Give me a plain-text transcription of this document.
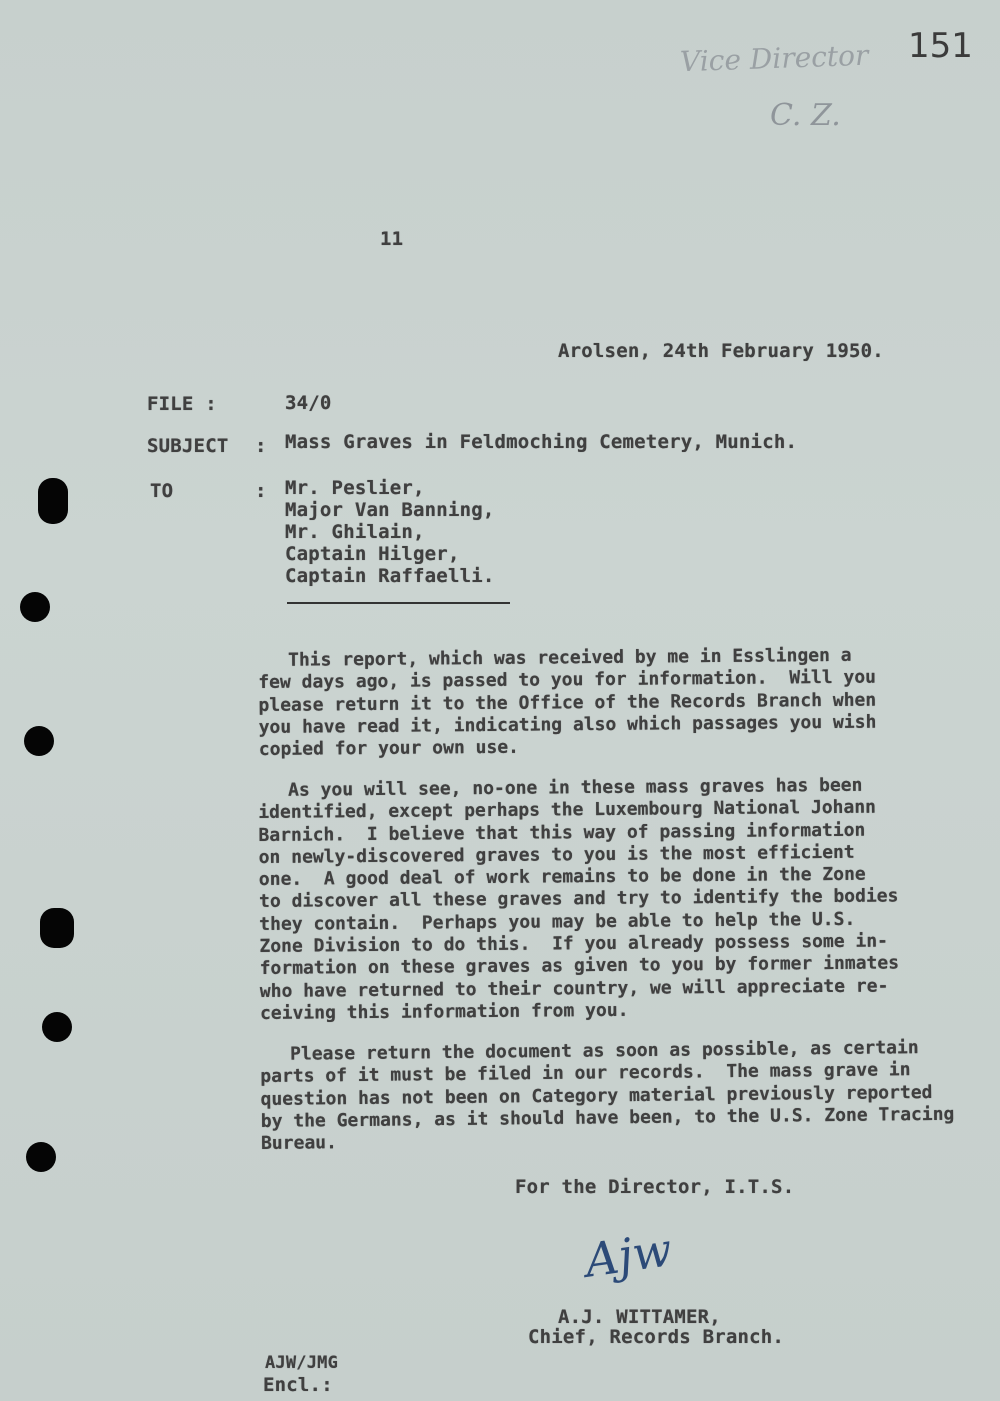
151
Vice Director
C. Z.
11
Arolsen, 24th February 1950.
FILE :	34/0
SUBJECT : Mass Graves in Feldmoching Cemetery, Munich.
TO	: Mr. Peslier,
Major Van Banning,
Mr. Ghilain,
Captain Hilger,
Captain Raffaelli.
This report, which was received by me in Esslingen a
few days ago, is passed to you for information.  Will you
please return it to the Office of the Records Branch when
you have read it, indicating also which passages you wish
copied for your own use.
As you will see, no-one in these mass graves has been
identified, except perhaps the Luxembourg National Johann
Barnich.  I believe that this way of passing information
on newly-discovered graves to you is the most efficient
one.  A good deal of work remains to be done in the Zone
to discover all these graves and try to identify the bodies
they contain.  Perhaps you may be able to help the U.S.
Zone Division to do this.  If you already possess some in-
formation on these graves as given to you by former inmates
who have returned to their country, we will appreciate re-
ceiving this information from you.
Please return the document as soon as possible, as certain
parts of it must be filed in our records.  The mass grave in
question has not been on Category material previously reported
by the Germans, as it should have been, to the U.S. Zone Tracing
Bureau.
For the Director, I.T.S.
Ajw
A.J. WITTAMER,
Chief, Records Branch.
AJW/JMG
Encl.:
